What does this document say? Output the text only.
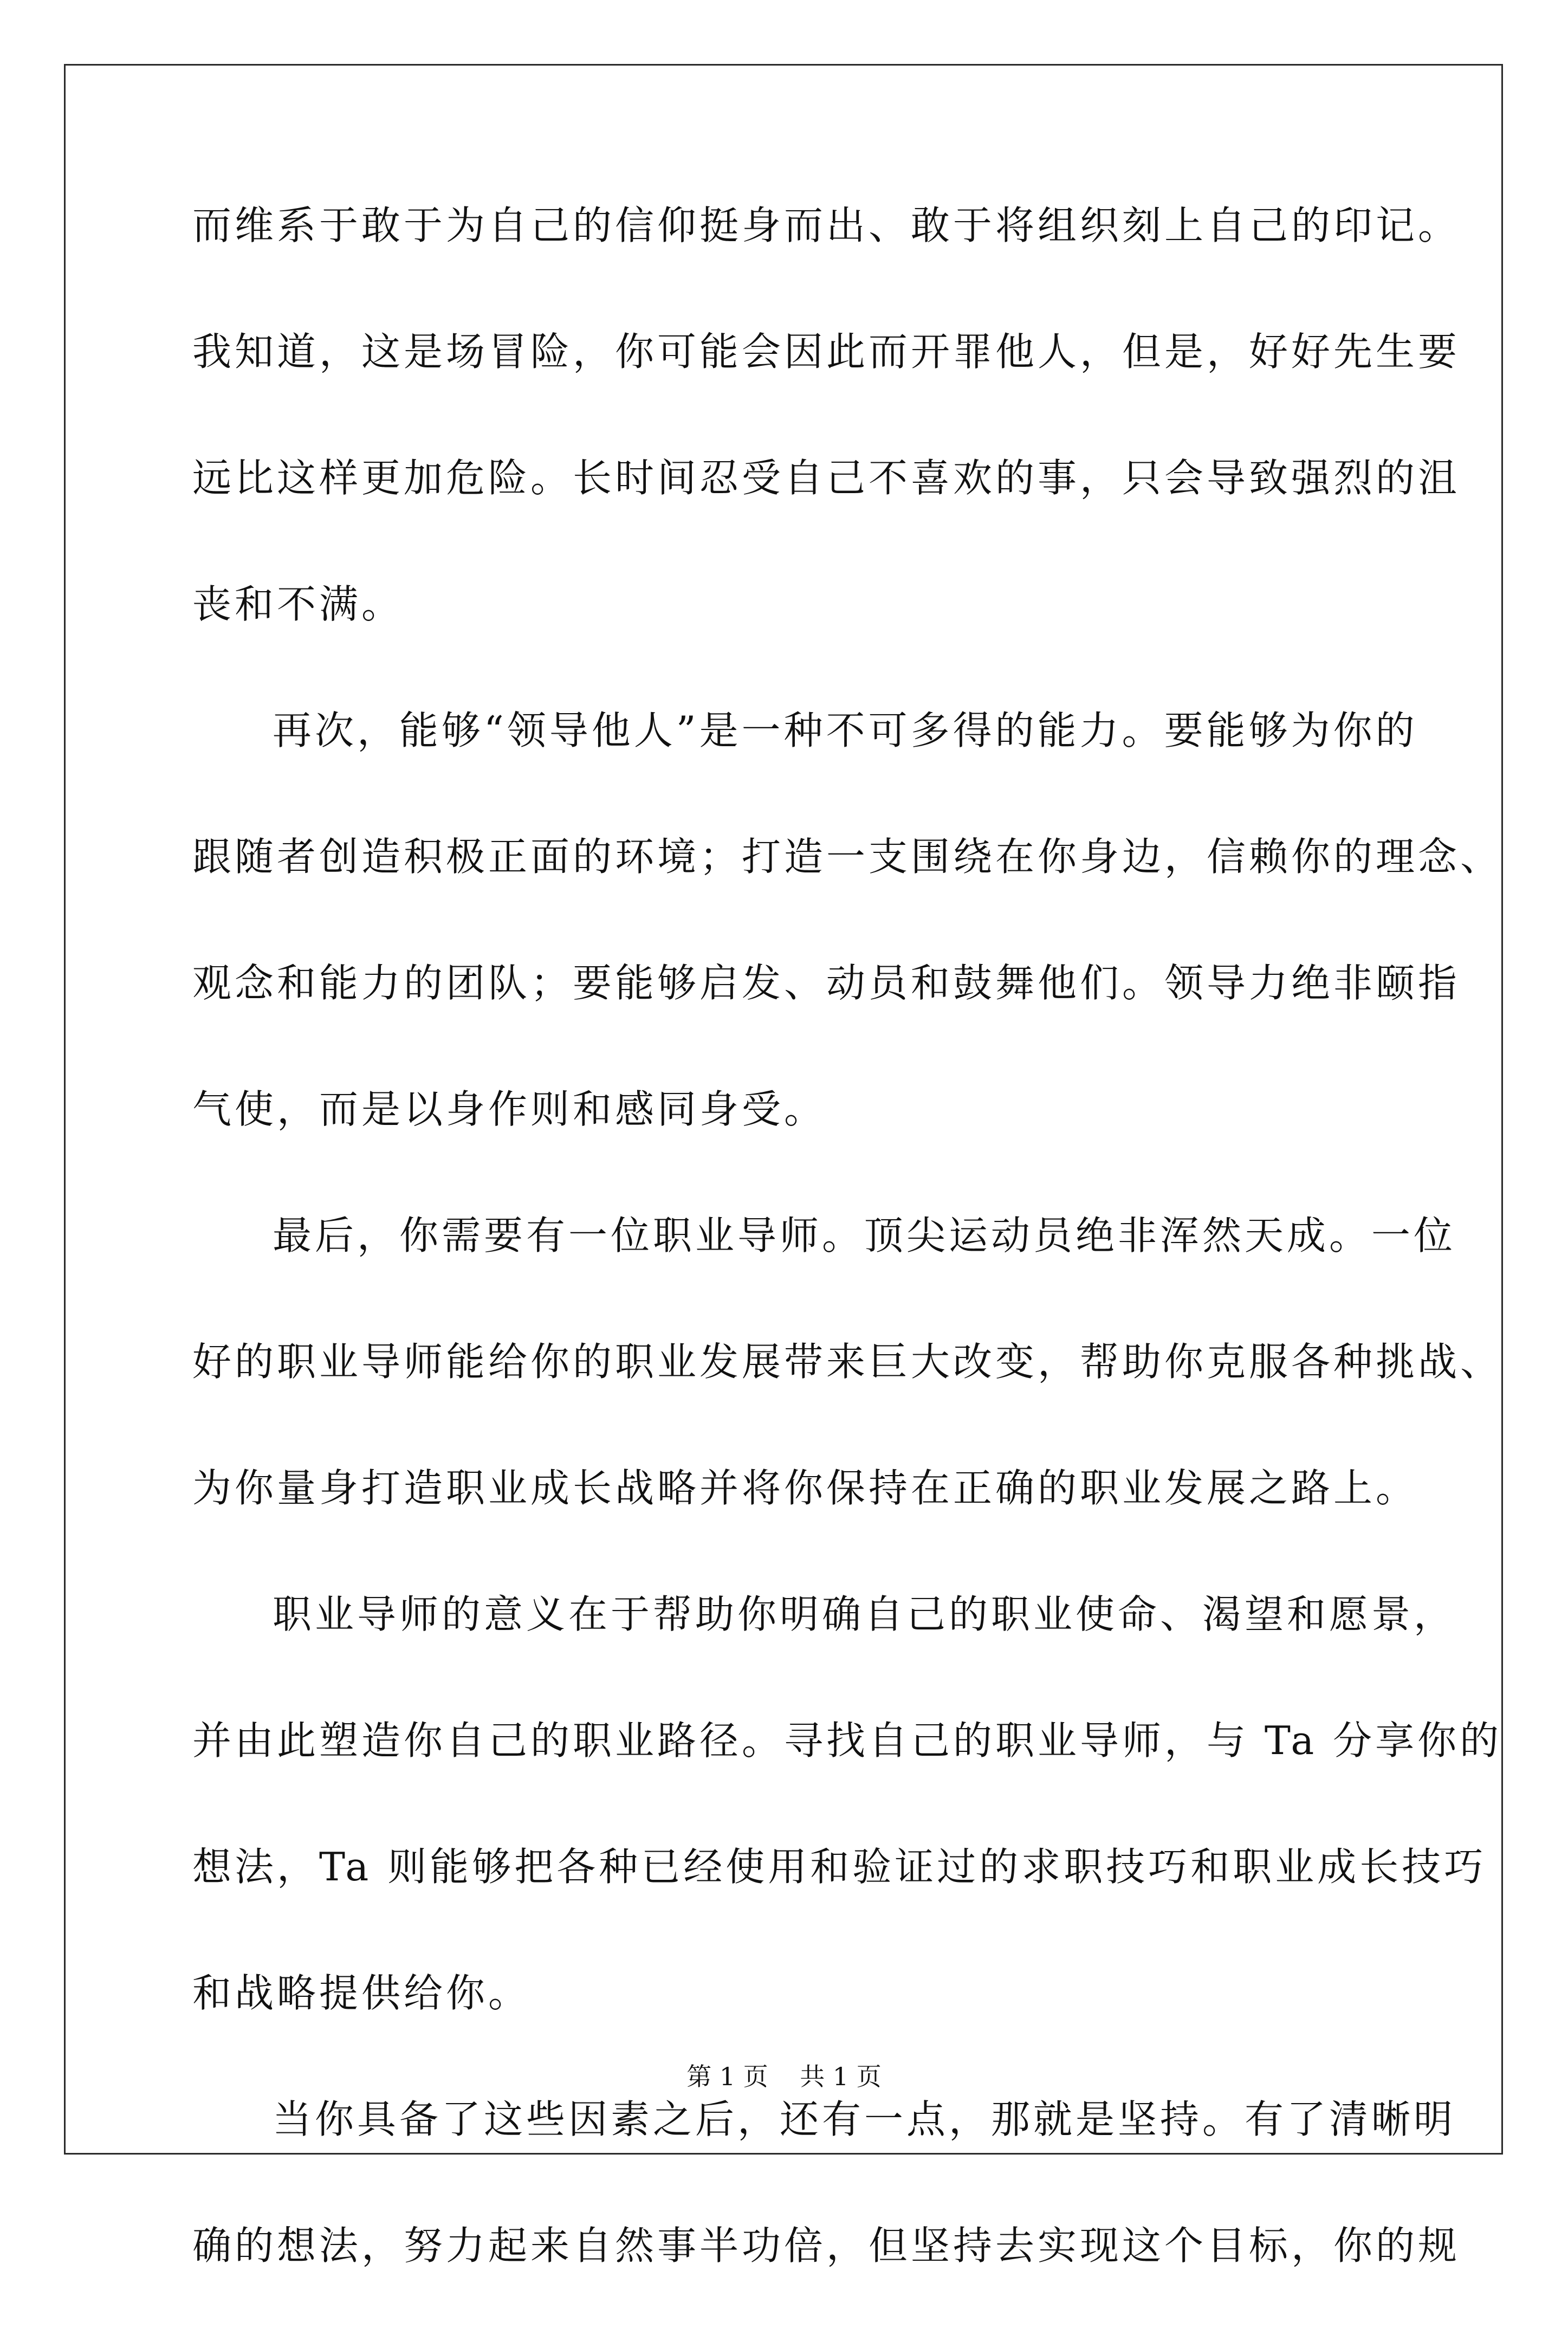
而维系于敢于为自己的信仰挺身而出、敢于将组织刻上自己的印记。
我知道，这是场冒险，你可能会因此而开罪他人，但是，好好先生要
远比这样更加危险。长时间忍受自己不喜欢的事，只会导致强烈的沮
丧和不满。
再次，能够“领导他人”是一种不可多得的能力。要能够为你的
跟随者创造积极正面的环境；打造一支围绕在你身边，信赖你的理念、
观念和能力的团队；要能够启发、动员和鼓舞他们。领导力绝非颐指
气使，而是以身作则和感同身受。
最后，你需要有一位职业导师。顶尖运动员绝非浑然天成。一位
好的职业导师能给你的职业发展带来巨大改变，帮助你克服各种挑战、
为你量身打造职业成长战略并将你保持在正确的职业发展之路上。
职业导师的意义在于帮助你明确自己的职业使命、渴望和愿景，
并由此塑造你自己的职业路径。寻找自己的职业导师，与 Ta 分享你的
想法，Ta 则能够把各种已经使用和验证过的求职技巧和职业成长技巧
和战略提供给你。
当你具备了这些因素之后，还有一点，那就是坚持。有了清晰明
确的想法，努力起来自然事半功倍，但坚持去实现这个目标，你的规
第 1 页    共 1 页
